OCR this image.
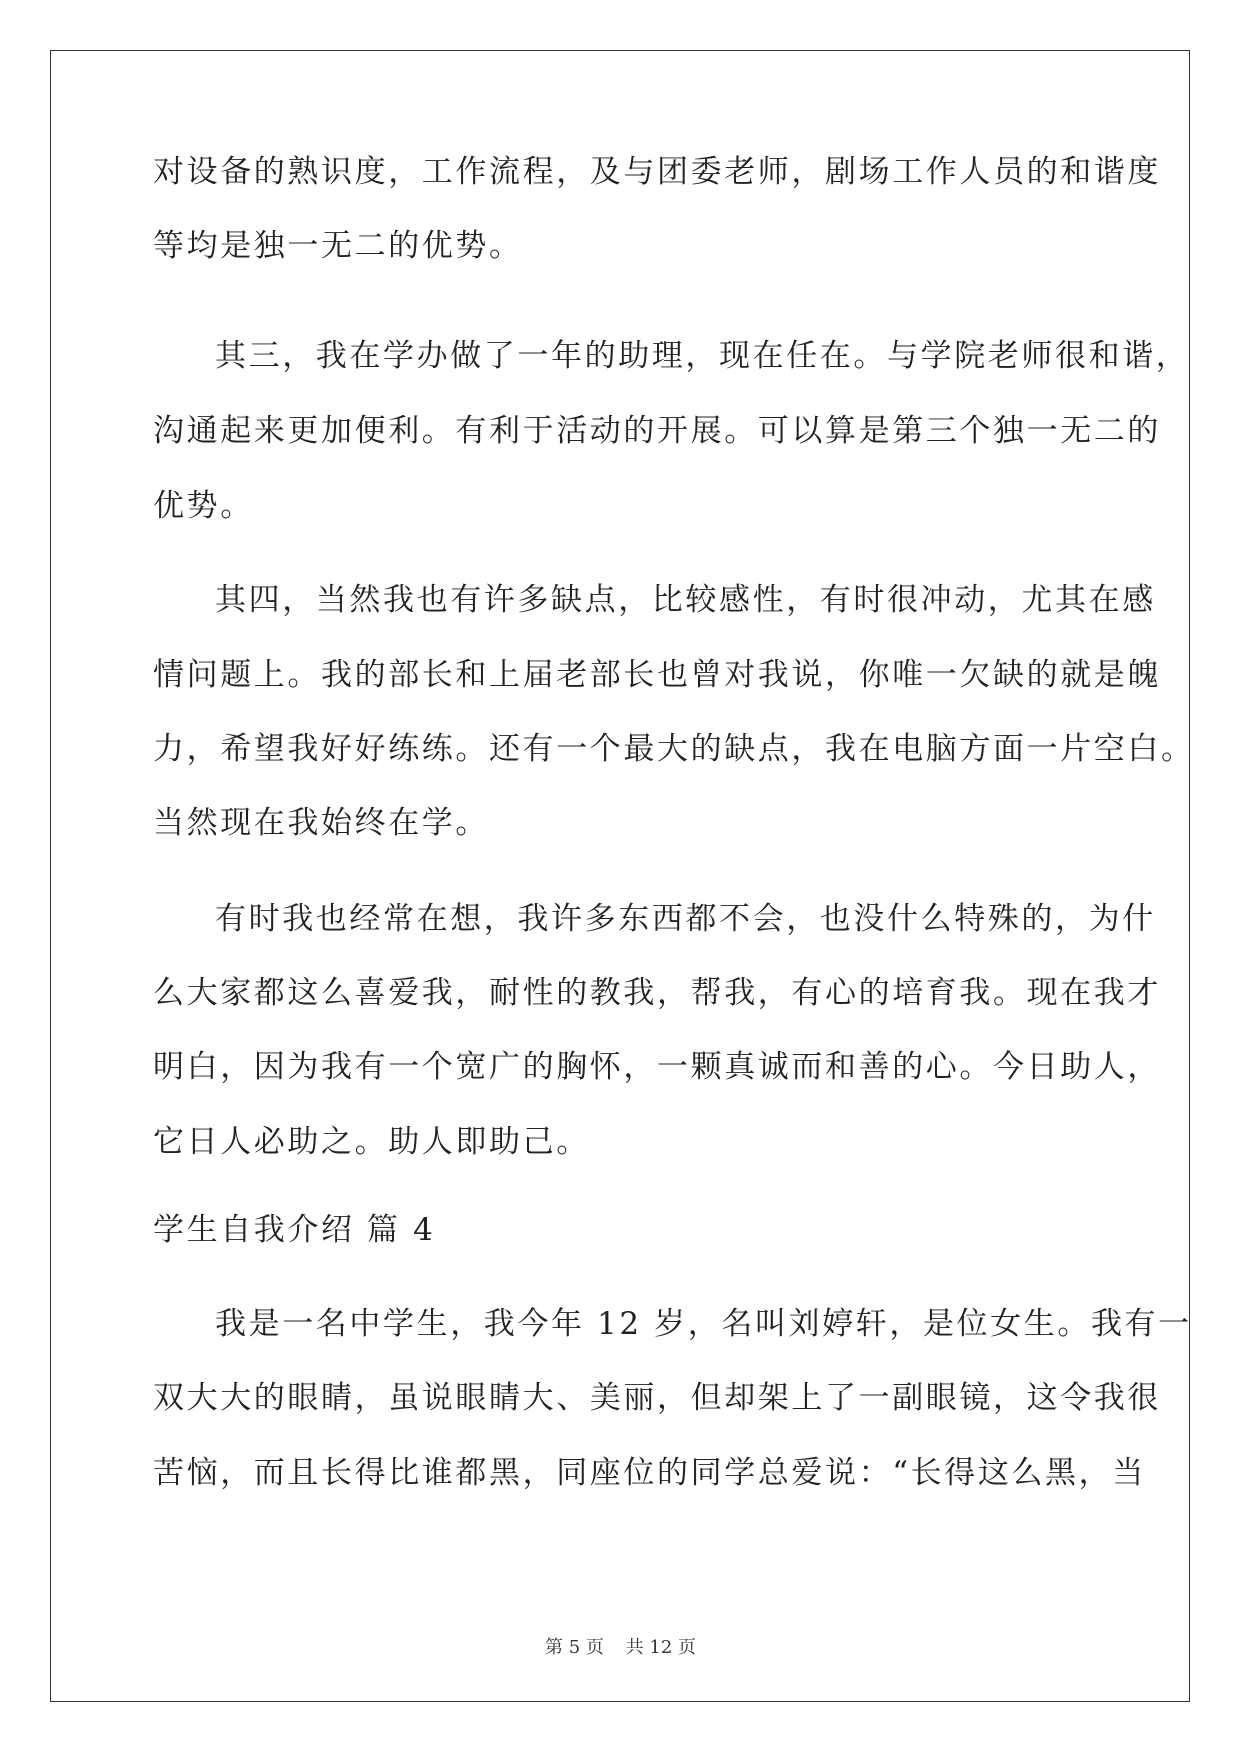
对设备的熟识度，工作流程，及与团委老师，剧场工作人员的和谐度
等均是独一无二的优势。
其三，我在学办做了一年的助理，现在任在。与学院老师很和谐，
沟通起来更加便利。有利于活动的开展。可以算是第三个独一无二的
优势。
其四，当然我也有许多缺点，比较感性，有时很冲动，尤其在感
情问题上。我的部长和上届老部长也曾对我说，你唯一欠缺的就是魄
力，希望我好好练练。还有一个最大的缺点，我在电脑方面一片空白。
当然现在我始终在学。
有时我也经常在想，我许多东西都不会，也没什么特殊的，为什
么大家都这么喜爱我，耐性的教我，帮我，有心的培育我。现在我才
明白，因为我有一个宽广的胸怀，一颗真诚而和善的心。今日助人，
它日人必助之。助人即助己。
学生自我介绍 篇 4
我是一名中学生，我今年 12 岁，名叫刘婷轩，是位女生。我有一
双大大的眼睛，虽说眼睛大、美丽，但却架上了一副眼镜，这令我很
苦恼，而且长得比谁都黑，同座位的同学总爱说：“长得这么黑，当
第 5 页 共 12 页
